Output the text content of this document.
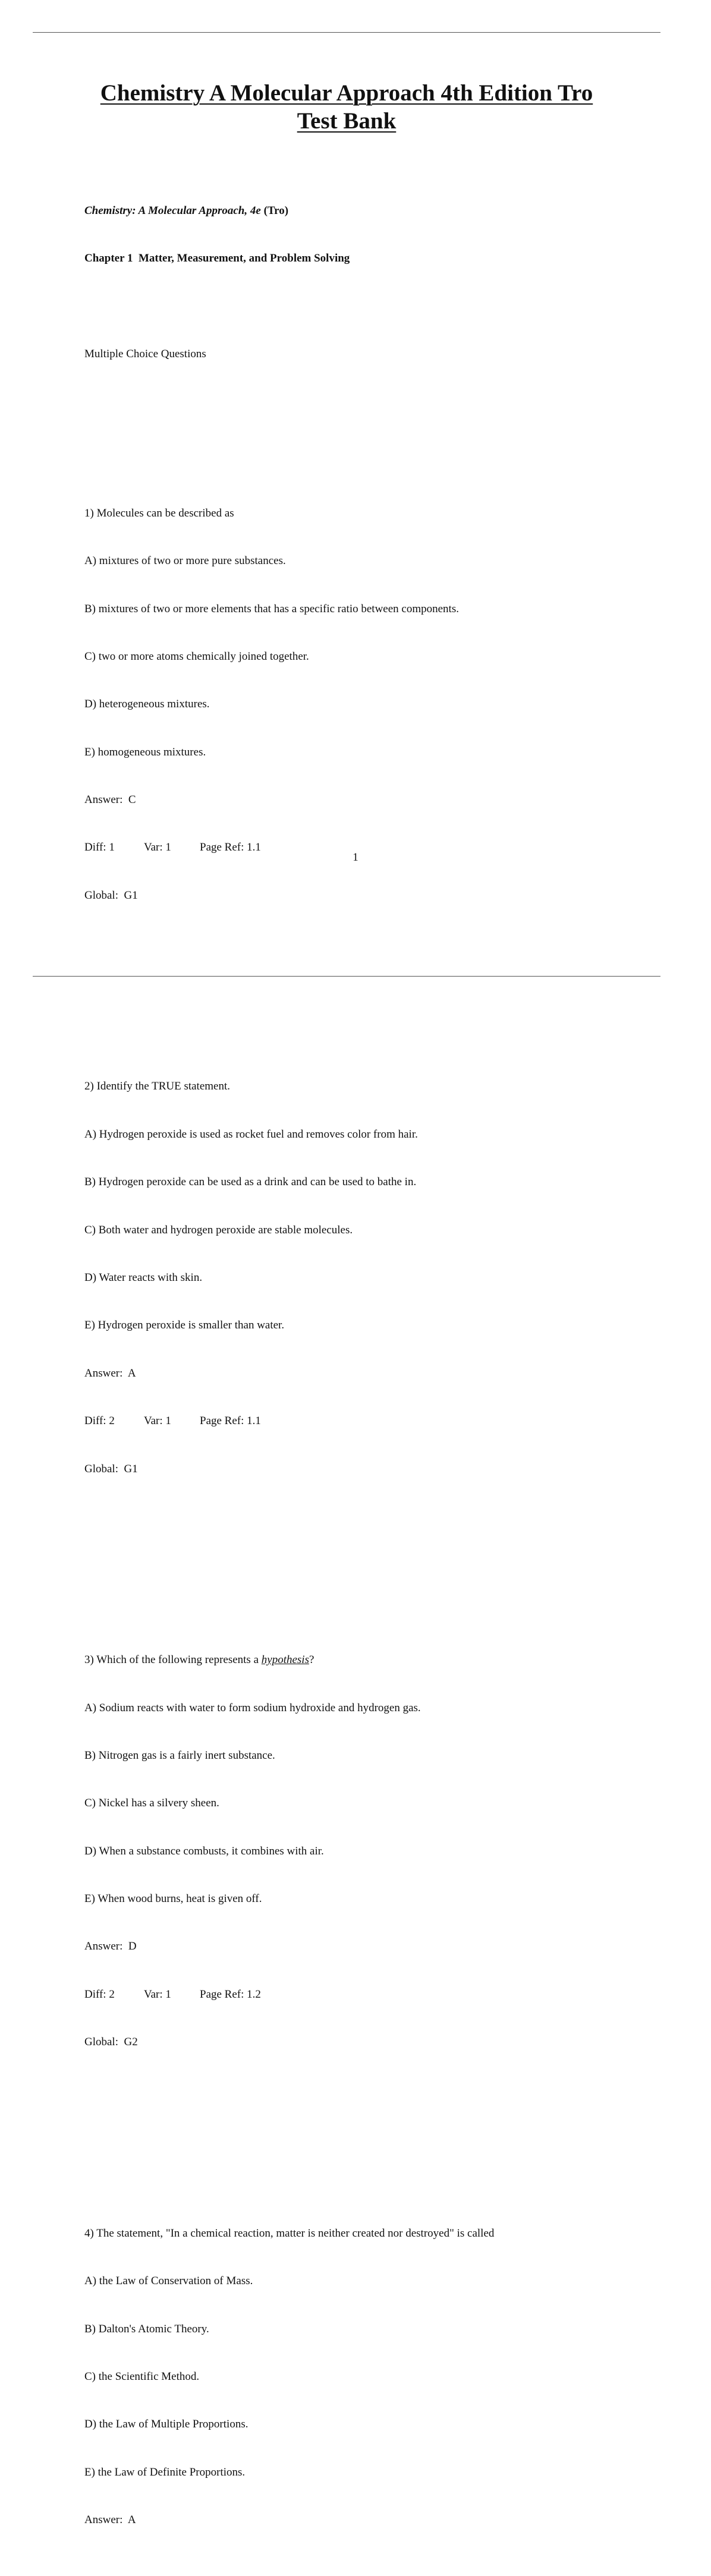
Chemistry A Molecular Approach 4th Edition Tro
Test Bank

Chemistry: A Molecular Approach, 4e (Tro)

Chapter 1  Matter, Measurement, and Problem Solving

Multiple Choice Questions

1) Molecules can be described as

A) mixtures of two or more pure substances.

B) mixtures of two or more elements that has a specific ratio between components.

C) two or more atoms chemically joined together.

D) heterogeneous mixtures.

E) homogeneous mixtures.

Answer:  C

Diff: 1	Var: 1	Page Ref: 1.1

Global:  G1

2) Identify the TRUE statement.

A) Hydrogen peroxide is used as rocket fuel and removes color from hair.

B) Hydrogen peroxide can be used as a drink and can be used to bathe in.

C) Both water and hydrogen peroxide are stable molecules.

D) Water reacts with skin.

E) Hydrogen peroxide is smaller than water.

Answer:  A

Diff: 2	Var: 1	Page Ref: 1.1

Global:  G1

3) Which of the following represents a hypothesis?

A) Sodium reacts with water to form sodium hydroxide and hydrogen gas.

B) Nitrogen gas is a fairly inert substance.

C) Nickel has a silvery sheen.

D) When a substance combusts, it combines with air.

E) When wood burns, heat is given off.

Answer:  D

Diff: 2	Var: 1	Page Ref: 1.2

Global:  G2

4) The statement, "In a chemical reaction, matter is neither created nor destroyed" is called

A) the Law of Conservation of Mass.

B) Dalton's Atomic Theory.

C) the Scientific Method.

D) the Law of Multiple Proportions.

E) the Law of Definite Proportions.

Answer:  A

1
